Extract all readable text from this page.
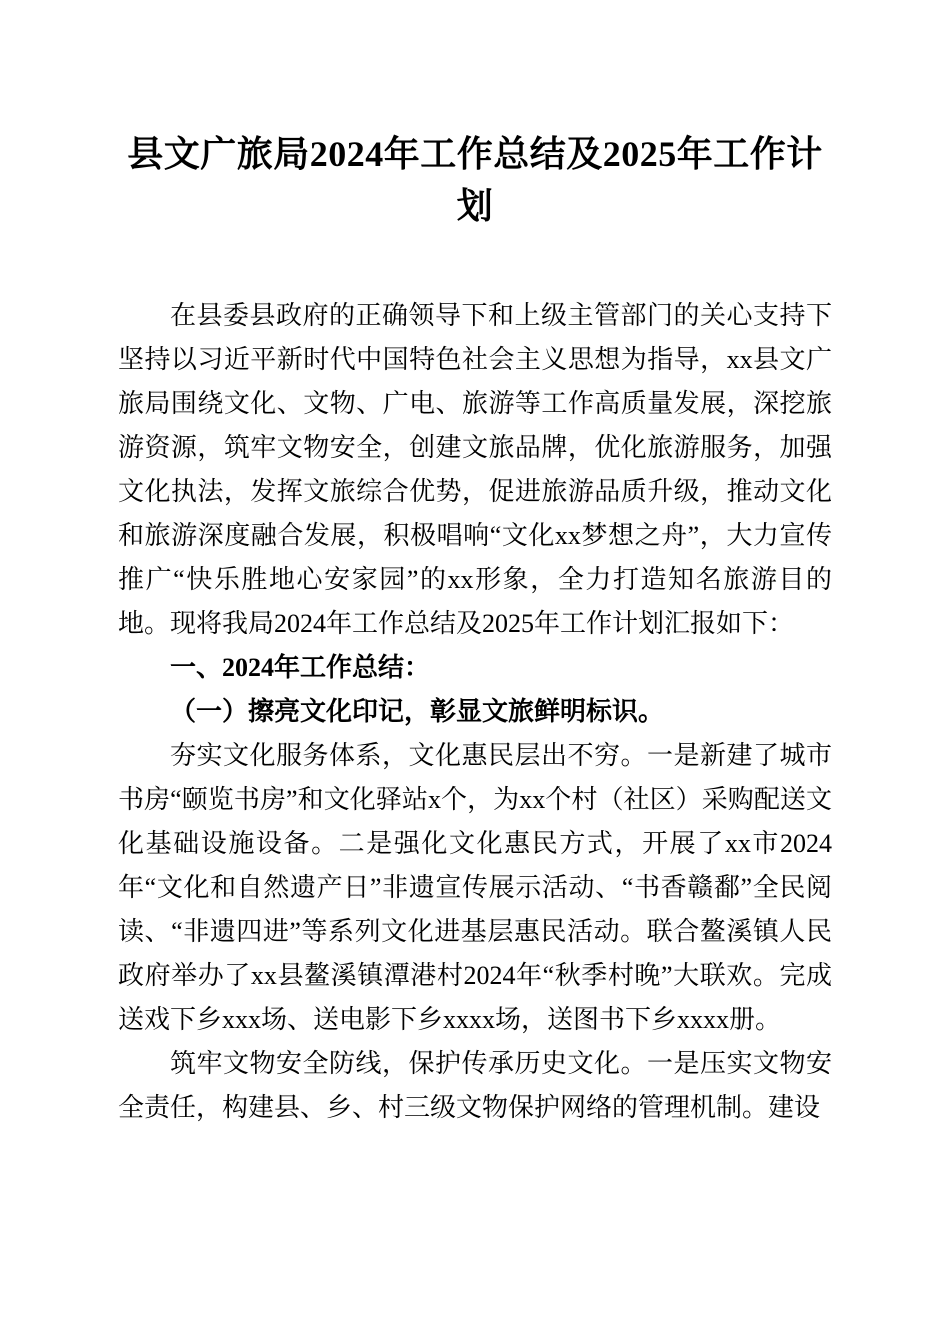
县文广旅局2024年工作总结及2025年工作计划

在县委县政府的正确领导下和上级主管部门的关心支持下坚持以习近平新时代中国特色社会主义思想为指导，xx县文广旅局围绕文化、文物、广电、旅游等工作高质量发展，深挖旅游资源，筑牢文物安全，创建文旅品牌，优化旅游服务，加强文化执法，发挥文旅综合优势，促进旅游品质升级，推动文化和旅游深度融合发展，积极唱响“文化xx梦想之舟”，大力宣传推广“快乐胜地心安家园”的xx形象，全力打造知名旅游目的地。现将我局2024年工作总结及2025年工作计划汇报如下：

一、2024年工作总结：

（一）擦亮文化印记，彰显文旅鲜明标识。

夯实文化服务体系，文化惠民层出不穷。一是新建了城市书房“颐览书房”和文化驿站x个，为xx个村（社区）采购配送文化基础设施设备。二是强化文化惠民方式，开展了xx市2024年“文化和自然遗产日”非遗宣传展示活动、“书香赣鄱”全民阅读、“非遗四进”等系列文化进基层惠民活动。联合鳌溪镇人民政府举办了xx县鳌溪镇潭港村2024年“秋季村晚”大联欢。完成送戏下乡xxx场、送电影下乡xxxx场，送图书下乡xxxx册。

筑牢文物安全防线，保护传承历史文化。一是压实文物安全责任，构建县、乡、村三级文物保护网络的管理机制。建设
